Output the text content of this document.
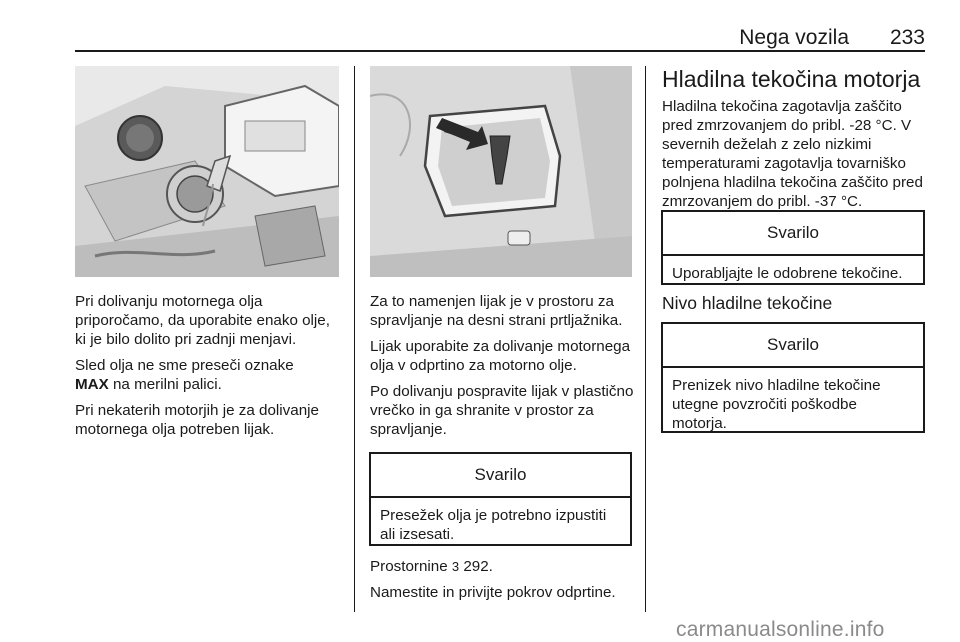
Nega vozila 233

Pri dolivanju motornega olja priporočamo, da uporabite enako olje, ki je bilo dolito pri zadnji menjavi.

Sled olja ne sme preseči oznake
MAX na merilni palici.

Pri nekaterih motorjih je za dolivanje motornega olja potreben lijak.

Za to namenjen lijak je v prostoru za spravljanje na desni strani prtljažnika.

Lijak uporabite za dolivanje motornega olja v odprtino za motorno olje.

Po dolivanju pospravite lijak v plastično vrečko in ga shranite v prostor za spravljanje.

Svarilo
Presežek olja je potrebno izpustiti ali izsesati.

Prostornine 3 292.

Namestite in privijte pokrov odprtine.

Hladilna tekočina motorja

Hladilna tekočina zagotavlja zaščito pred zmrzovanjem do pribl. -28 °C. V severnih deželah z zelo nizkimi temperaturami zagotavlja tovarniško polnjena hladilna tekočina zaščito pred zmrzovanjem do pribl. -37 °C.

Svarilo
Uporabljajte le odobrene tekočine.
Nivo hladilne tekočine
Svarilo
Prenizek nivo hladilne tekočine utegne povzročiti poškodbe motorja.
carmanualsonline.info
